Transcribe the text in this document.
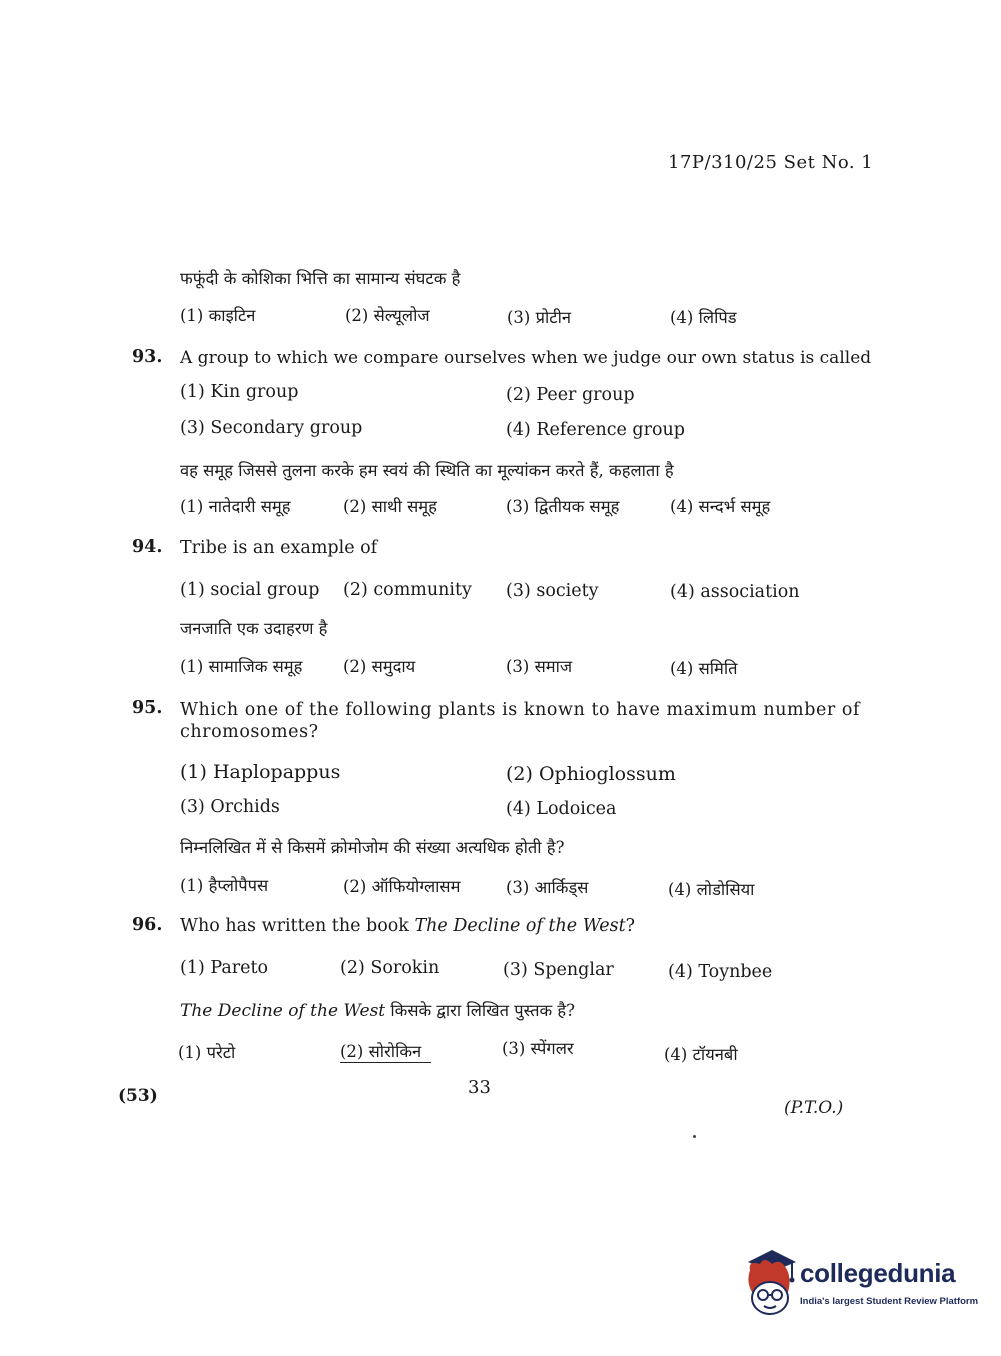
17P/310/25 Set No. 1
फफूंदी के कोशिका भित्ति का सामान्य संघटक है
(1) काइटिन	(2) सेल्यूलोज	(3) प्रोटीन	(4) लिपिड
93. A group to which we compare ourselves when we judge our own status is called
(1) Kin group	(2) Peer group
(3) Secondary group	(4) Reference group
वह समूह जिससे तुलना करके हम स्वयं की स्थिति का मूल्यांकन करते हैं, कहलाता है
(1) नातेदारी समूह	(2) साथी समूह	(3) द्वितीयक समूह	(4) सन्दर्भ समूह
94. Tribe is an example of
(1) social group (2) community (3) society	(4) association
जनजाति एक उदाहरण है
(1) सामाजिक समूह (2) समुदाय	(3) समाज	(4) समिति
95. Which one of the following plants is known to have maximum number of chromosomes?
(1) Haplopappus	(2) Ophioglossum
(3) Orchids	(4) Lodoicea
निम्नलिखित में से किसमें क्रोमोजोम की संख्या अत्यधिक होती है?
(1) हैप्लोपैपस	(2) ऑफियोग्लासम	(3) आर्किड्स	(4) लोडोसिया
96. Who has written the book The Decline of the West?
(1) Pareto	(2) Sorokin	(3) Spenglar	(4) Toynbee
The Decline of the West किसके द्वारा लिखित पुस्तक है?
(1) परेटो	(2) सोरोकिन	(3) स्पेंगलर	(4) टॉयनबी
(53)	33
(P.T.O.)
collegedunia
India's largest Student Review Platform
